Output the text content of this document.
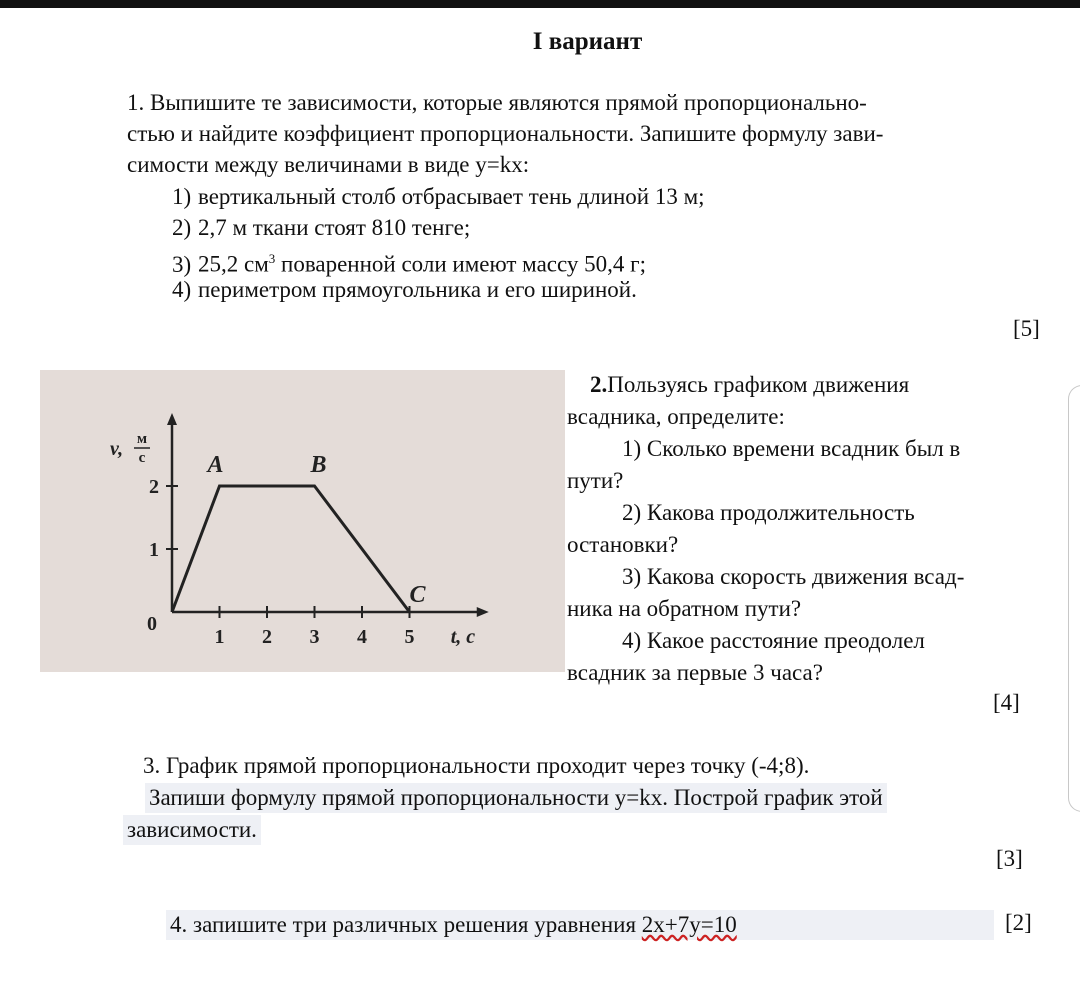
I вариант
1. Выпишите те зависимости, которые являются прямой пропорционально-
стью и найдите коэффициент пропорциональности. Запишите формулу зави-
симости между величинами в виде y=kx:
1) вертикальный столб отбрасывает тень длиной 13 м;
2) 2,7 м ткани стоят 810 тенге;
3) 25,2 $см^3$ поваренной соли имеют массу 50,4 г;
4) периметром прямоугольника и его шириной.
[5]
1 2 3 4 5
0
1
2
A	B
C
t, c
v, м
с
2.Пользуясь графиком движения
всадника, определите:
1) Сколько времени всадник был в
пути?
2) Какова продолжительность
остановки?
3) Какова скорость движения всад-
ника на обратном пути?
4) Какое расстояние преодолел
всадник за первые 3 часа?
[4]
3. График прямой пропорциональности проходит через точку (-4;8).
Запиши формулу прямой пропорциональности y=kx. Построй график этой
зависимости.
[3]
4. запишите три различных решения уравнения 2x+7y=10	[2]
